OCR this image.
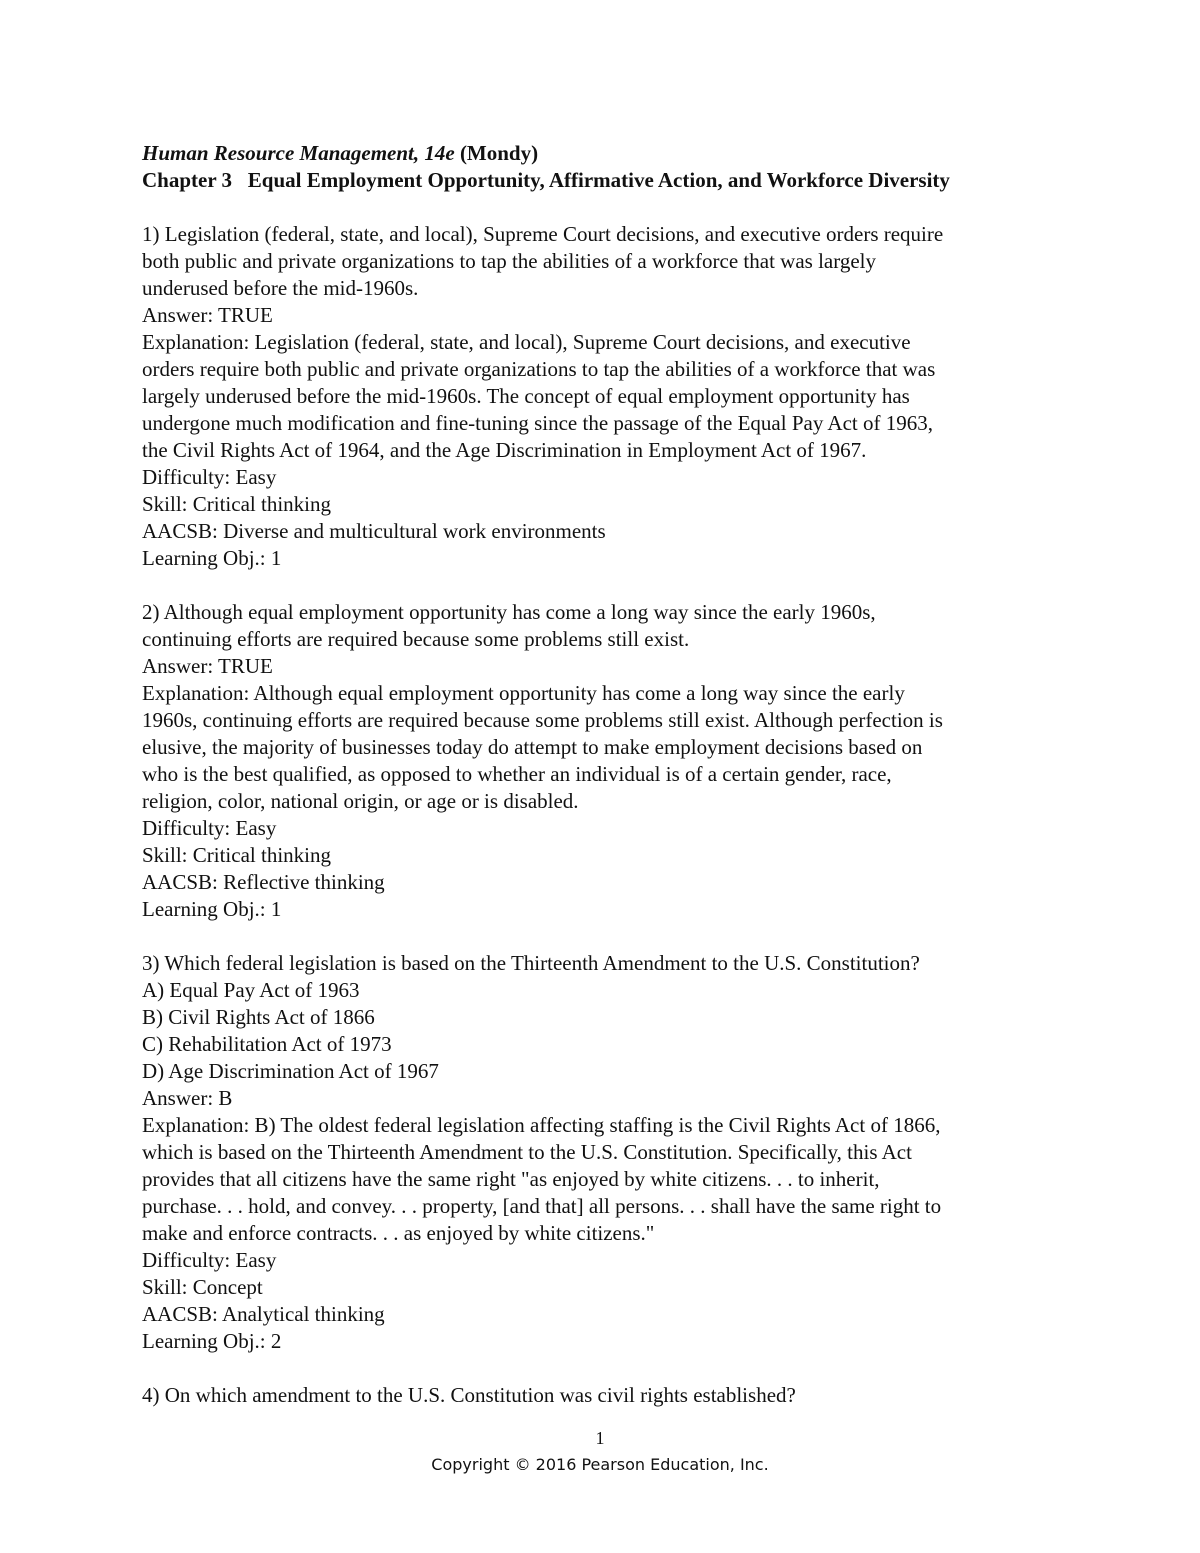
Human Resource Management, 14e (Mondy)
Chapter 3   Equal Employment Opportunity, Affirmative Action, and Workforce Diversity
1) Legislation (federal, state, and local), Supreme Court decisions, and executive orders require
both public and private organizations to tap the abilities of a workforce that was largely
underused before the mid-1960s.
Answer: TRUE
Explanation: Legislation (federal, state, and local), Supreme Court decisions, and executive
orders require both public and private organizations to tap the abilities of a workforce that was
largely underused before the mid-1960s. The concept of equal employment opportunity has
undergone much modification and fine-tuning since the passage of the Equal Pay Act of 1963,
the Civil Rights Act of 1964, and the Age Discrimination in Employment Act of 1967.
Difficulty: Easy
Skill: Critical thinking
AACSB: Diverse and multicultural work environments
Learning Obj.: 1
2) Although equal employment opportunity has come a long way since the early 1960s,
continuing efforts are required because some problems still exist.
Answer: TRUE
Explanation: Although equal employment opportunity has come a long way since the early
1960s, continuing efforts are required because some problems still exist. Although perfection is
elusive, the majority of businesses today do attempt to make employment decisions based on
who is the best qualified, as opposed to whether an individual is of a certain gender, race,
religion, color, national origin, or age or is disabled.
Difficulty: Easy
Skill: Critical thinking
AACSB: Reflective thinking
Learning Obj.: 1
3) Which federal legislation is based on the Thirteenth Amendment to the U.S. Constitution?
A) Equal Pay Act of 1963
B) Civil Rights Act of 1866
C) Rehabilitation Act of 1973
D) Age Discrimination Act of 1967
Answer: B
Explanation: B) The oldest federal legislation affecting staffing is the Civil Rights Act of 1866,
which is based on the Thirteenth Amendment to the U.S. Constitution. Specifically, this Act
provides that all citizens have the same right "as enjoyed by white citizens. . . to inherit,
purchase. . . hold, and convey. . . property, [and that] all persons. . . shall have the same right to
make and enforce contracts. . . as enjoyed by white citizens."
Difficulty: Easy
Skill: Concept
AACSB: Analytical thinking
Learning Obj.: 2
4) On which amendment to the U.S. Constitution was civil rights established?
1
Copyright © 2016 Pearson Education, Inc.
